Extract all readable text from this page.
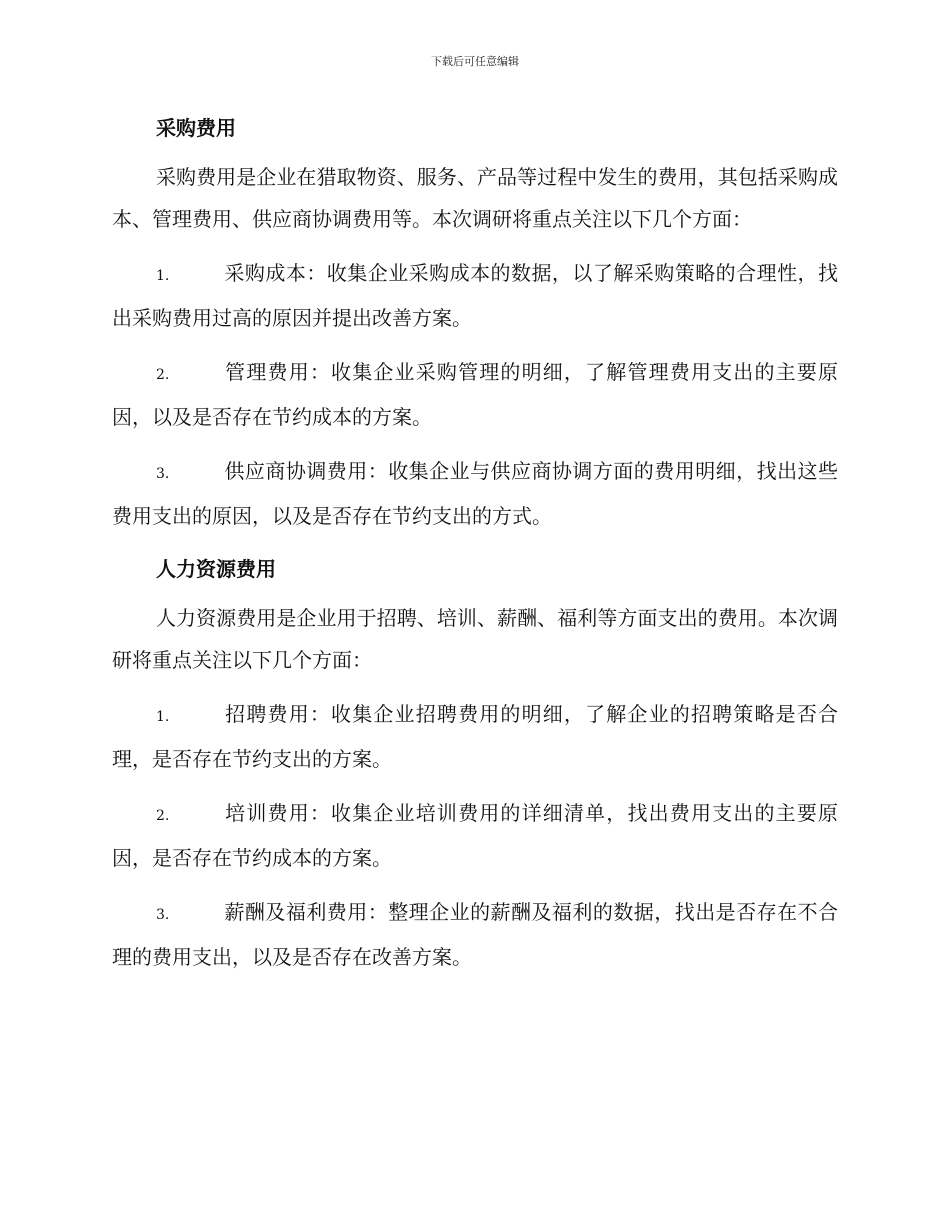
下载后可任意编辑
采购费用

采购费用是企业在猎取物资、服务、产品等过程中发生的费用，其包括采购成本、管理费用、供应商协调费用等。本次调研将重点关注以下几个方面：

1.	采购成本：收集企业采购成本的数据，以了解采购策略的合理性，找出采购费用过高的原因并提出改善方案。

2.	管理费用：收集企业采购管理的明细，了解管理费用支出的主要原因，以及是否存在节约成本的方案。

3.	供应商协调费用：收集企业与供应商协调方面的费用明细，找出这些费用支出的原因，以及是否存在节约支出的方式。

人力资源费用

人力资源费用是企业用于招聘、培训、薪酬、福利等方面支出的费用。本次调研将重点关注以下几个方面：

1.	招聘费用：收集企业招聘费用的明细，了解企业的招聘策略是否合理，是否存在节约支出的方案。

2.	培训费用：收集企业培训费用的详细清单，找出费用支出的主要原因，是否存在节约成本的方案。

3.	薪酬及福利费用：整理企业的薪酬及福利的数据，找出是否存在不合理的费用支出，以及是否存在改善方案。
